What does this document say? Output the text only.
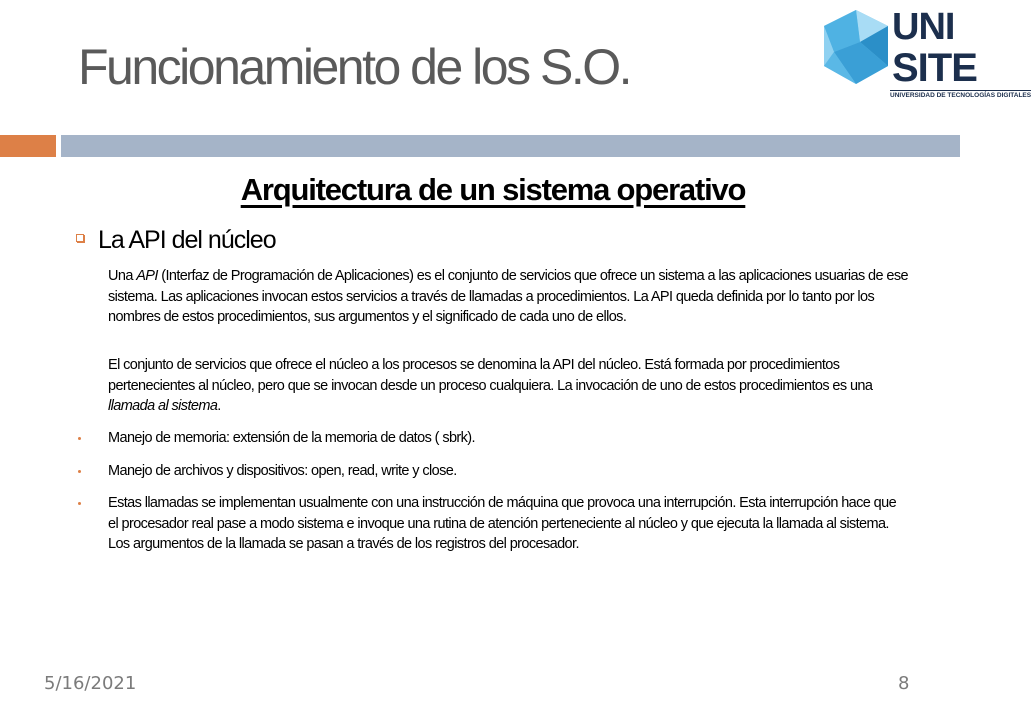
Funcionamiento de los S.O.
UNI
SITE
UNIVERSIDAD DE TECNOLOGÍAS DIGITALES
Arquitectura de un sistema operativo
La API del núcleo

Una API (Interfaz de Programación de Aplicaciones) es el conjunto de servicios que ofrece un sistema a las aplicaciones usuarias de ese sistema. Las aplicaciones invocan estos servicios a través de llamadas a procedimientos. La API queda definida por lo tanto por los nombres de estos procedimientos, sus argumentos y el significado de cada uno de ellos.

El conjunto de servicios que ofrece el núcleo a los procesos se denomina la API del núcleo. Está formada por procedimientos pertenecientes al núcleo, pero que se invocan desde un proceso cualquiera. La invocación de uno de estos procedimientos es una llamada al sistema.

Manejo de memoria: extensión de la memoria de datos ( sbrk).
Manejo de archivos y dispositivos: open, read, write y close.
Estas llamadas se implementan usualmente con una instrucción de máquina que provoca una interrupción. Esta interrupción hace que el procesador real pase a modo sistema e invoque una rutina de atención perteneciente al núcleo y que ejecuta la llamada al sistema. Los argumentos de la llamada se pasan a través de los registros del procesador.
5/16/2021	8
